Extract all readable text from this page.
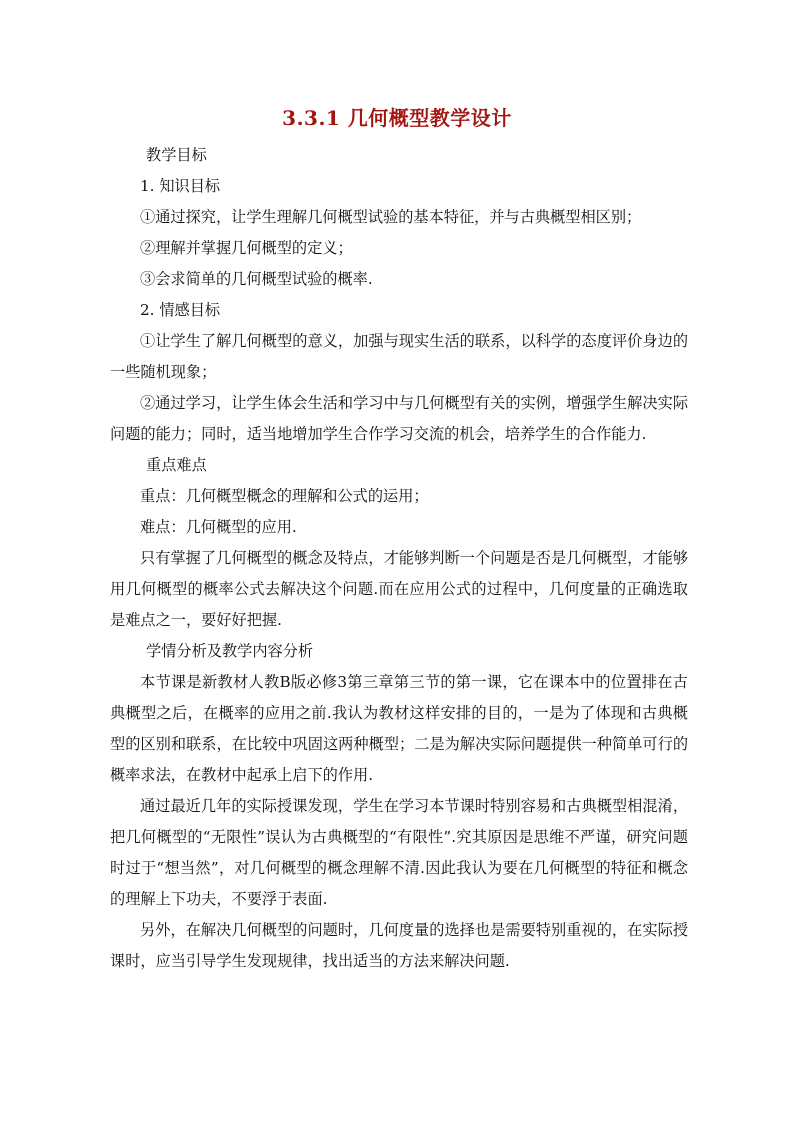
3.3.1 几何概型教学设计

教学目标

1. 知识目标

①通过探究，让学生理解几何概型试验的基本特征，并与古典概型相区别；

②理解并掌握几何概型的定义；

③会求简单的几何概型试验的概率.

2. 情感目标

①让学生了解几何概型的意义，加强与现实生活的联系，以科学的态度评价身边的一些随机现象；

②通过学习，让学生体会生活和学习中与几何概型有关的实例，增强学生解决实际问题的能力；同时，适当地增加学生合作学习交流的机会，培养学生的合作能力.

重点难点

重点：几何概型概念的理解和公式的运用；

难点：几何概型的应用.

只有掌握了几何概型的概念及特点，才能够判断一个问题是否是几何概型，才能够用几何概型的概率公式去解决这个问题.而在应用公式的过程中，几何度量的正确选取是难点之一，要好好把握.

学情分析及教学内容分析

本节课是新教材人教B版必修3第三章第三节的第一课，它在课本中的位置排在古典概型之后，在概率的应用之前.我认为教材这样安排的目的，一是为了体现和古典概型的区别和联系，在比较中巩固这两种概型；二是为解决实际问题提供一种简单可行的概率求法，在教材中起承上启下的作用.

通过最近几年的实际授课发现，学生在学习本节课时特别容易和古典概型相混淆，把几何概型的“无限性”误认为古典概型的“有限性”.究其原因是思维不严谨，研究问题时过于“想当然”，对几何概型的概念理解不清.因此我认为要在几何概型的特征和概念的理解上下功夫，不要浮于表面.

另外，在解决几何概型的问题时，几何度量的选择也是需要特别重视的，在实际授课时，应当引导学生发现规律，找出适当的方法来解决问题.
